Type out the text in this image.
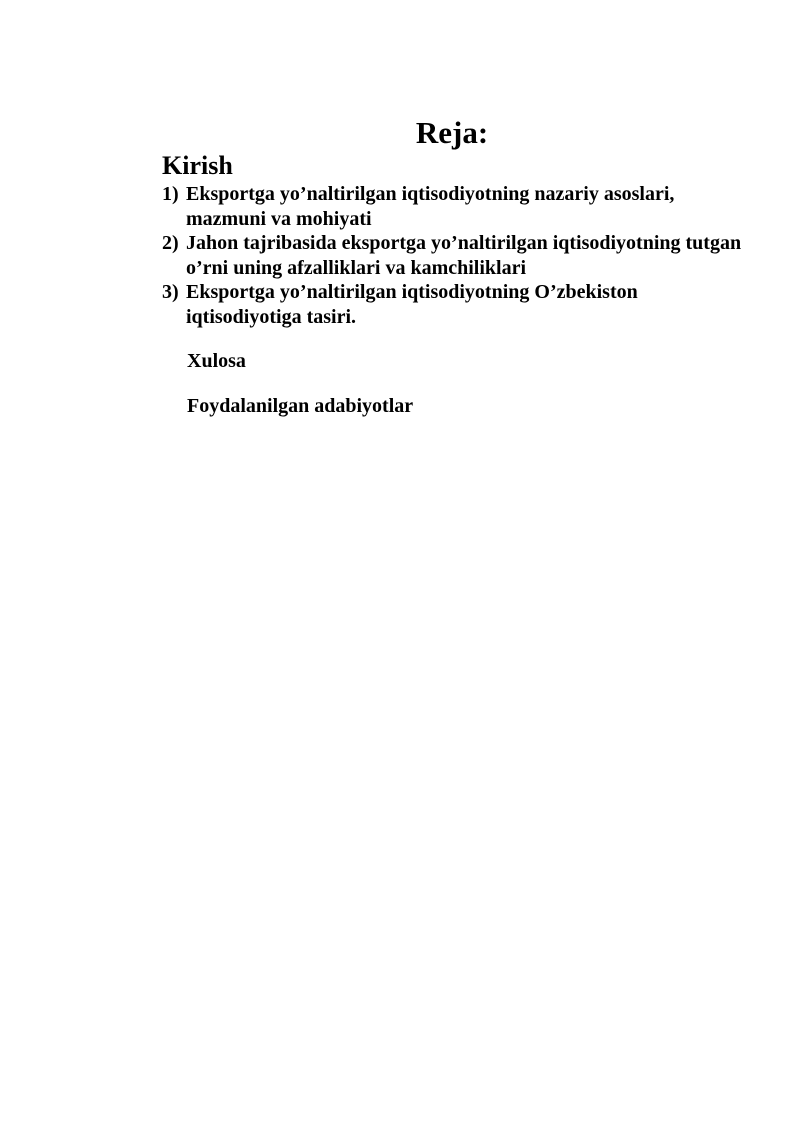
Reja:
Kirish
1) Eksportga yo’naltirilgan iqtisodiyotning nazariy asoslari, mazmuni va mohiyati
2) Jahon tajribasida eksportga yo’naltirilgan iqtisodiyotning tutgan o’rni uning afzalliklari va kamchiliklari
3) Eksportga yo’naltirilgan iqtisodiyotning O’zbekiston iqtisodiyotiga tasiri.
Xulosa
Foydalanilgan adabiyotlar
